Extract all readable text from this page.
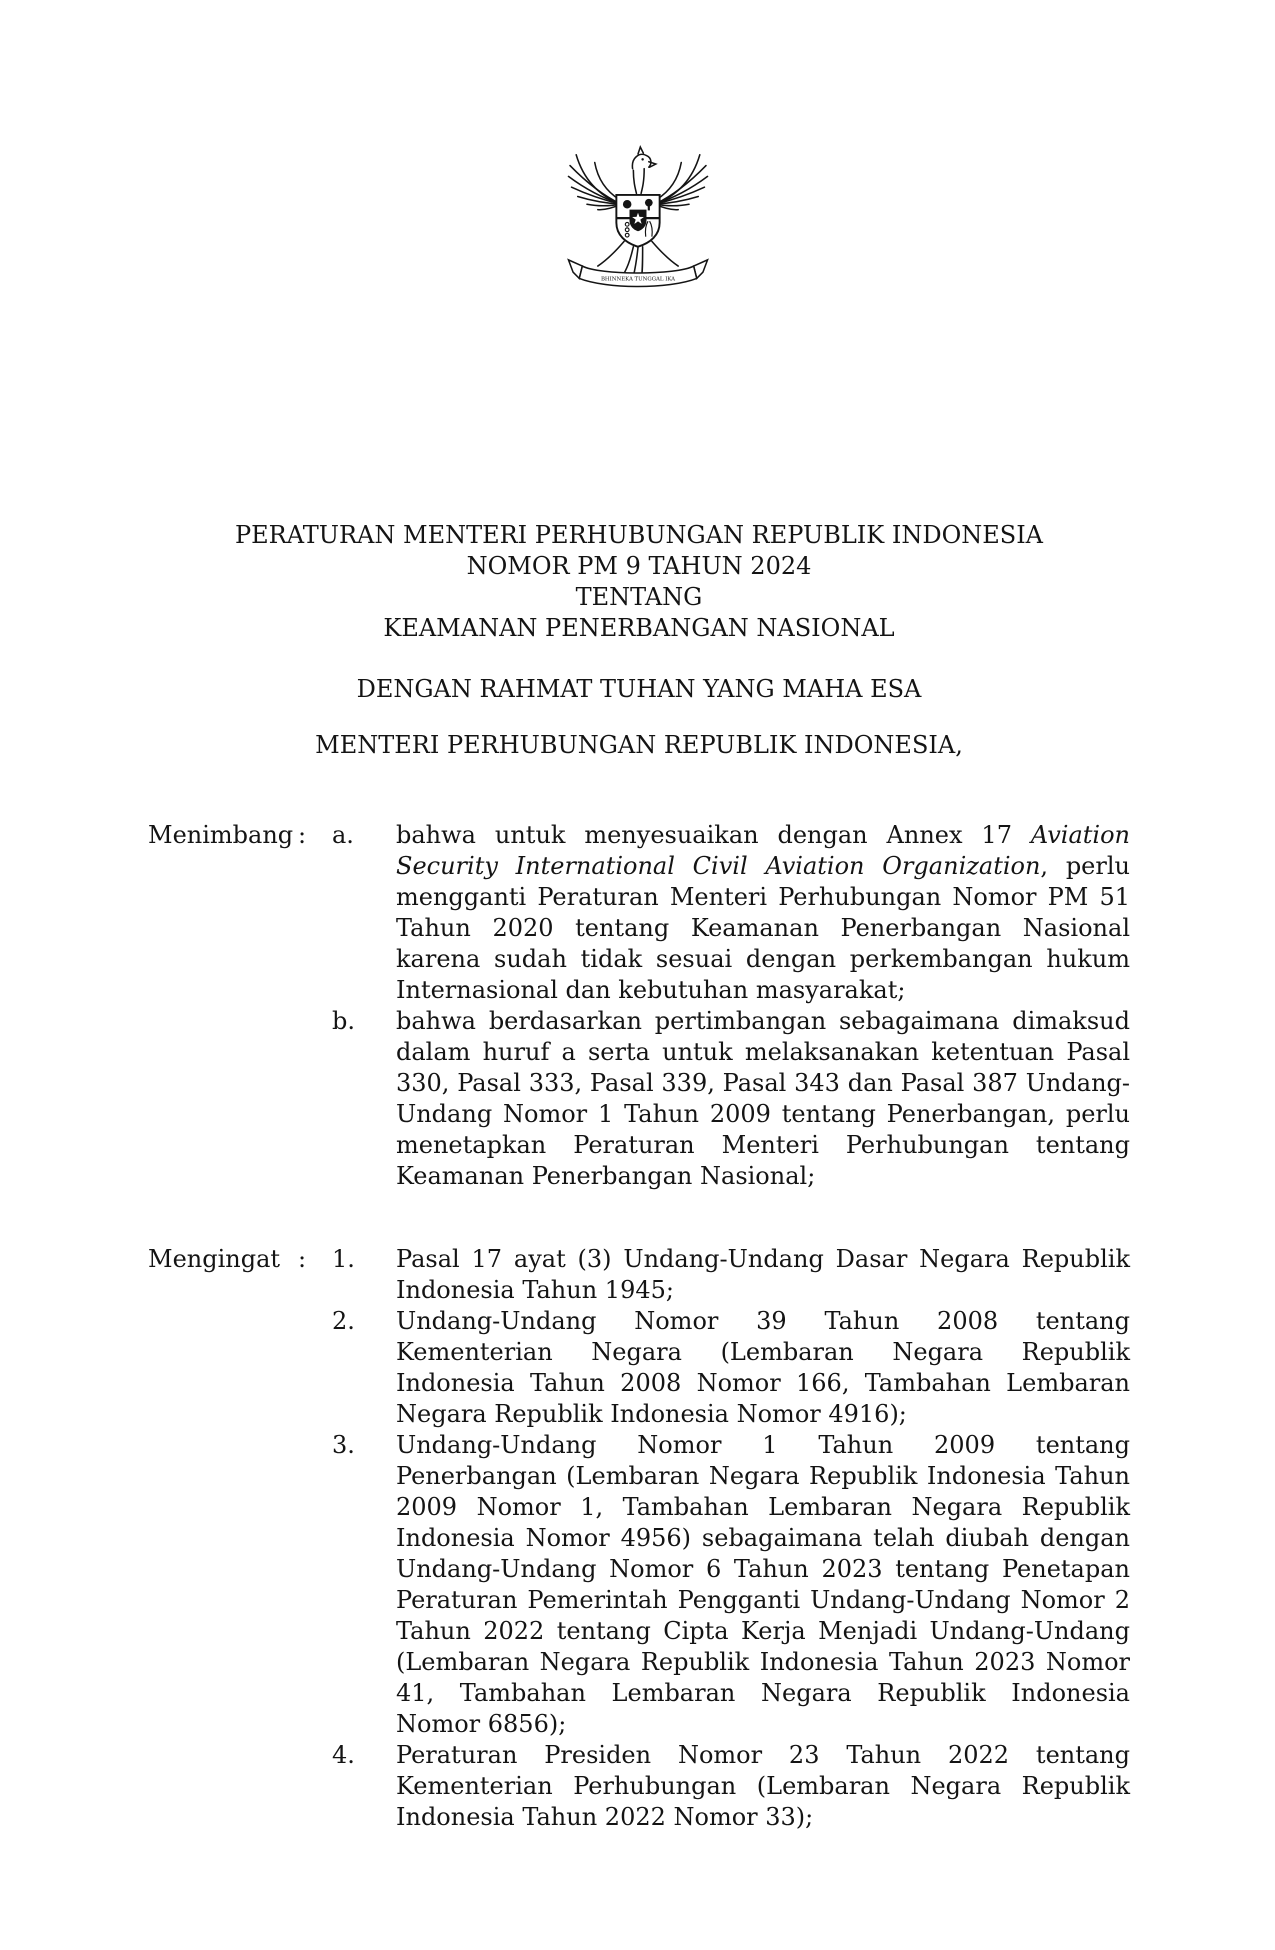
BHINNEKA TUNGGAL IKA
PERATURAN MENTERI PERHUBUNGAN REPUBLIK INDONESIA
NOMOR PM 9 TAHUN 2024
TENTANG
KEAMANAN PENERBANGAN NASIONAL
DENGAN RAHMAT TUHAN YANG MAHA ESA
MENTERI PERHUBUNGAN REPUBLIK INDONESIA,
Menimbang :	a.	bahwa untuk menyesuaikan dengan Annex 17 Aviation Security International Civil Aviation Organization, perlu mengganti Peraturan Menteri Perhubungan Nomor PM 51 Tahun 2020 tentang Keamanan Penerbangan Nasional karena sudah tidak sesuai dengan perkembangan hukum Internasional dan kebutuhan masyarakat;
b.	bahwa berdasarkan pertimbangan sebagaimana dimaksud dalam huruf a serta untuk melaksanakan ketentuan Pasal 330, Pasal 333, Pasal 339, Pasal 343 dan Pasal 387 Undang-Undang Nomor 1 Tahun 2009 tentang Penerbangan, perlu menetapkan Peraturan Menteri Perhubungan tentang Keamanan Penerbangan Nasional;
Mengingat :	1.	Pasal 17 ayat (3) Undang-Undang Dasar Negara Republik Indonesia Tahun 1945;
2.	Undang-Undang Nomor 39 Tahun 2008 tentang Kementerian Negara (Lembaran Negara Republik Indonesia Tahun 2008 Nomor 166, Tambahan Lembaran Negara Republik Indonesia Nomor 4916);
3.	Undang-Undang Nomor 1 Tahun 2009 tentang Penerbangan (Lembaran Negara Republik Indonesia Tahun 2009 Nomor 1, Tambahan Lembaran Negara Republik Indonesia Nomor 4956) sebagaimana telah diubah dengan Undang-Undang Nomor 6 Tahun 2023 tentang Penetapan Peraturan Pemerintah Pengganti Undang-Undang Nomor 2 Tahun 2022 tentang Cipta Kerja Menjadi Undang-Undang (Lembaran Negara Republik Indonesia Tahun 2023 Nomor 41, Tambahan Lembaran Negara Republik Indonesia Nomor 6856);
4.	Peraturan Presiden Nomor 23 Tahun 2022 tentang Kementerian Perhubungan (Lembaran Negara Republik Indonesia Tahun 2022 Nomor 33);
